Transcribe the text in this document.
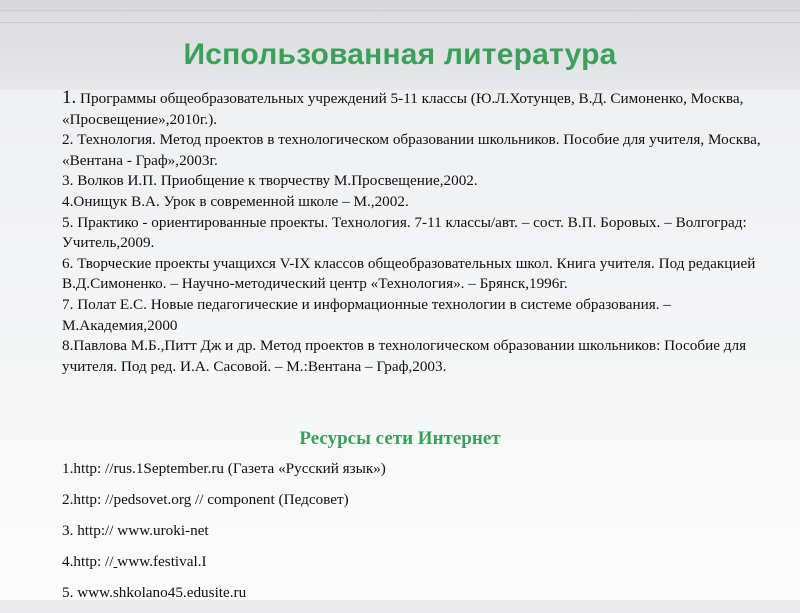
Использованная литература
1. Программы общеобразовательных учреждений 5-11 классы (Ю.Л.Хотунцев, В.Д. Симоненко, Москва, «Просвещение»,2010г.).
2. Технология. Метод проектов в технологическом образовании школьников. Пособие для учителя, Москва, «Вентана - Граф»,2003г.
3. Волков И.П. Приобщение к творчеству М.Просвещение,2002.
4.Онищук В.А. Урок в современной школе – М.,2002.
5. Практико - ориентированные проекты. Технология. 7-11 классы/авт. – сост. В.П. Боровых. – Волгоград: Учитель,2009.
6. Творческие проекты учащихся V-IX классов общеобразовательных школ. Книга учителя. Под редакцией В.Д.Симоненко. – Научно-методический центр «Технология». – Брянск,1996г.
7. Полат Е.С. Новые педагогические и информационные технологии в системе образования. – М.Академия,2000
8.Павлова М.Б.,Питт Дж и др. Метод проектов в технологическом образовании школьников: Пособие для учителя. Под ред. И.А. Сасовой. – М.:Вентана – Граф,2003.
Ресурсы сети Интернет
1.http: //rus.1September.ru (Газета «Русский язык»)
2.http: //pedsovet.org // component (Педсовет)
3. http:// www.uroki-net
4.http: // www.festival.I
5. www.shkolano45.edusite.ru
